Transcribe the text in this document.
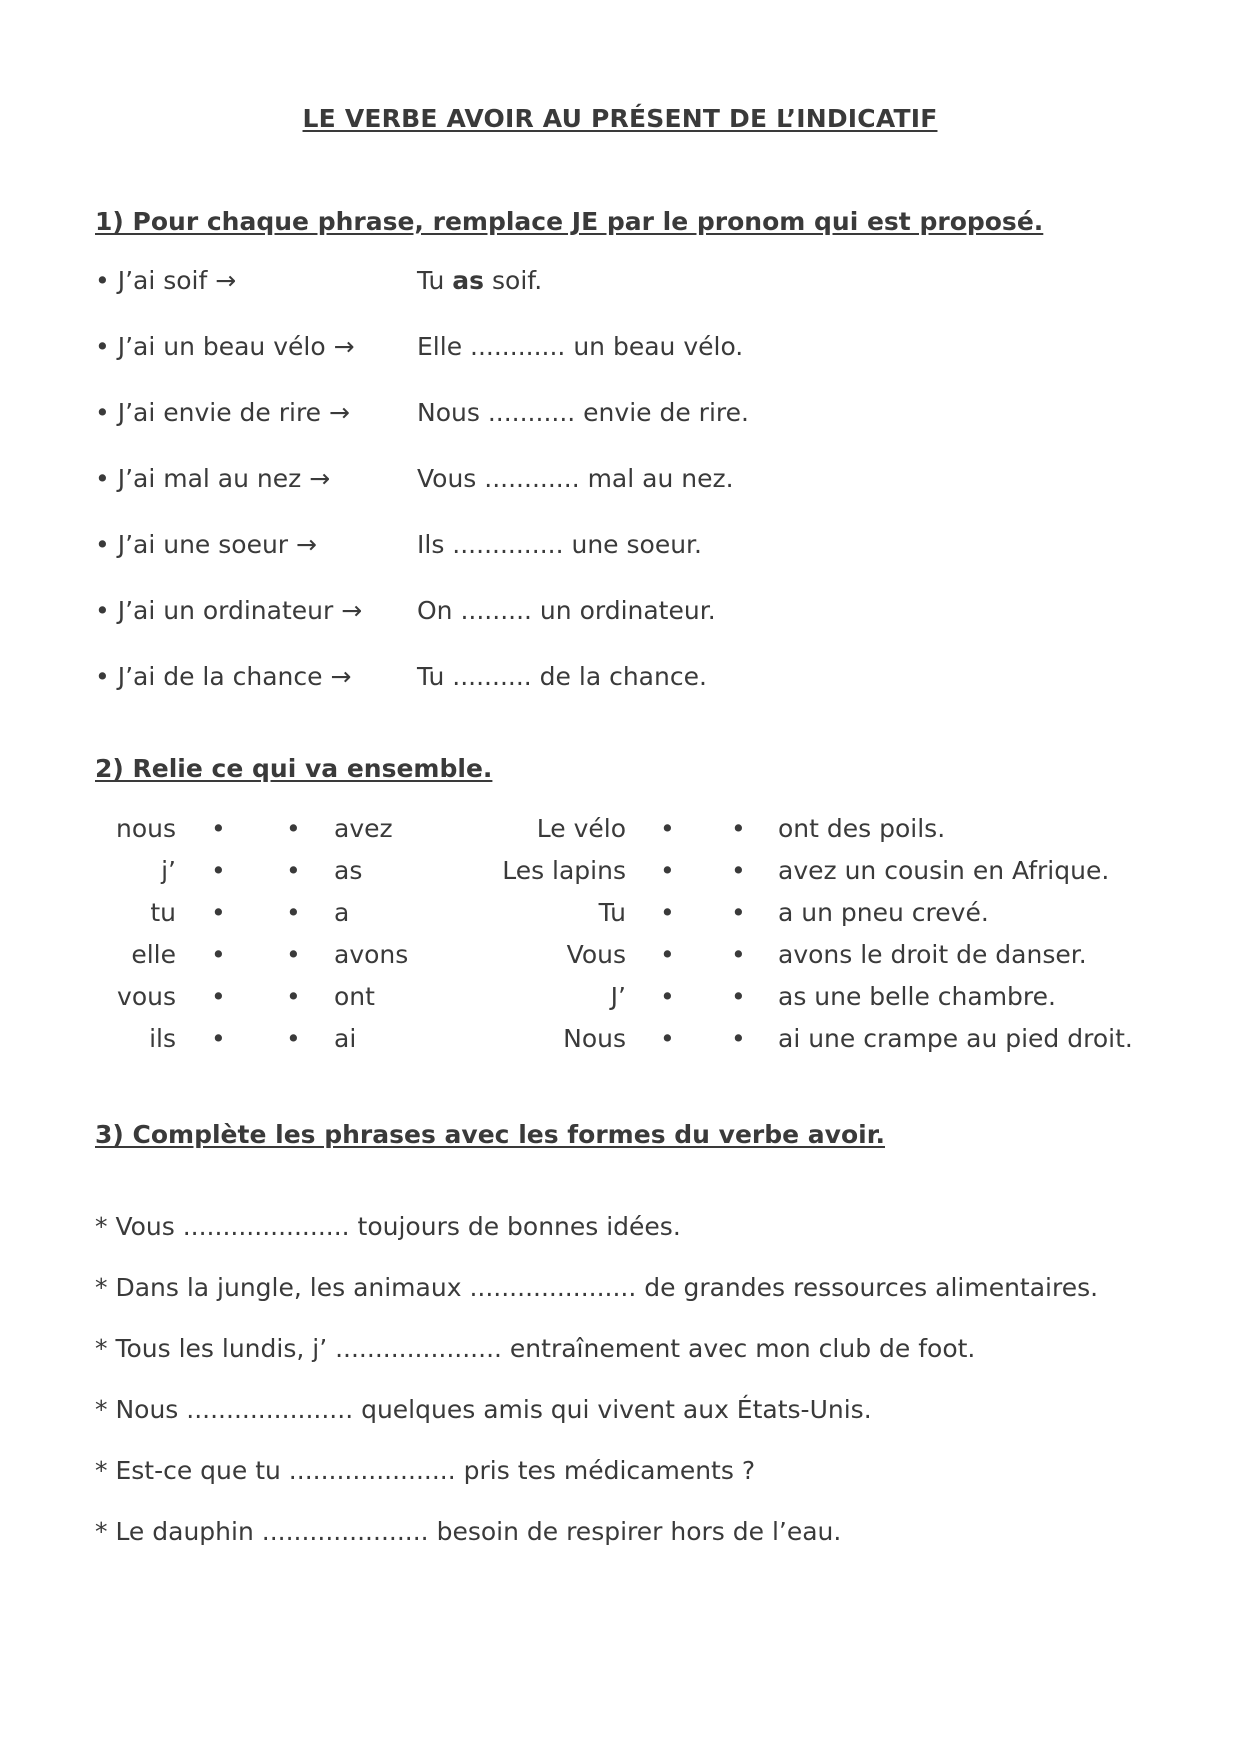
LE VERBE AVOIR AU PRÉSENT DE L’INDICATIF
1) Pour chaque phrase, remplace JE par le pronom qui est proposé.
• J’ai soif →	Tu as soif.
• J’ai un beau vélo → Elle ............ un beau vélo.
• J’ai envie de rire →	Nous ........... envie de rire.
• J’ai mal au nez →	Vous ............ mal au nez.
• J’ai une soeur →	Ils .............. une soeur.
• J’ai un ordinateur → On ......... un ordinateur.
• J’ai de la chance →	Tu .......... de la chance.
2) Relie ce qui va ensemble.
nous • • avez	Le vélo • • ont des poils.
j’ • • as	Les lapins • • avez un cousin en Afrique.
tu • • a	Tu • • a un pneu crevé.
elle • • avons	Vous • • avons le droit de danser.
vous • • ont	J’ • • as une belle chambre.
ils • • ai	Nous • • ai une crampe au pied droit.
3) Complète les phrases avec les formes du verbe avoir.
* Vous ..................... toujours de bonnes idées.
* Dans la jungle, les animaux ..................... de grandes ressources alimentaires.
* Tous les lundis, j’ ..................... entraînement avec mon club de foot.
* Nous ..................... quelques amis qui vivent aux États-Unis.
* Est-ce que tu ..................... pris tes médicaments ?
* Le dauphin ..................... besoin de respirer hors de l’eau.
